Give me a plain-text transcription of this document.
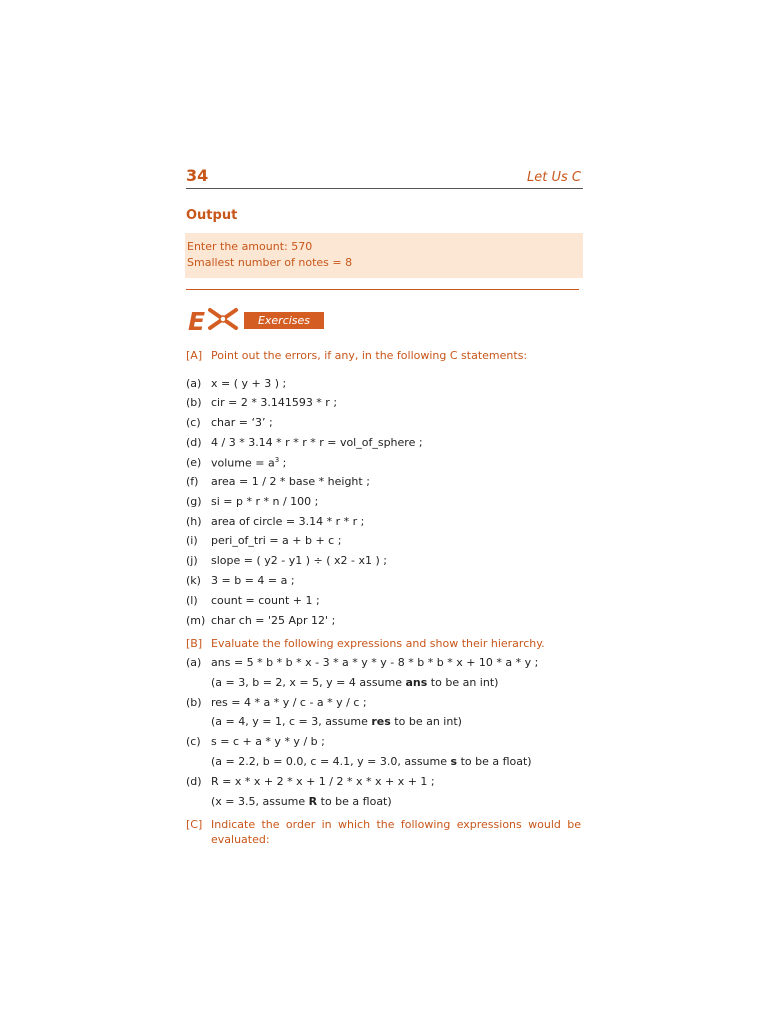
34	Let Us C
Output
Enter the amount: 570
Smallest number of notes = 8
E	Exercises
[A] Point out the errors, if any, in the following C statements:
(a) x = ( y + 3 ) ;
(b) cir = 2 * 3.141593 * r ;
(c) char = ‘3’ ;
(d) 4 / 3 * 3.14 * r * r * r = vol_of_sphere ;
(e) volume = $a^3$ ;
(f) area = 1 / 2 * base * height ;
(g) si = p * r * n / 100 ;
(h) area of circle = 3.14 * r * r ;
(i) peri_of_tri = a + b + c ;
(j) slope = ( y2 - y1 ) ÷ ( x2 - x1 ) ;
(k) 3 = b = 4 = a ;
(l) count = count + 1 ;
(m) char ch = '25 Apr 12' ;
[B] Evaluate the following expressions and show their hierarchy.
(a) ans = 5 * b * b * x - 3 * a * y * y - 8 * b * b * x + 10 * a * y ;
(a = 3, b = 2, x = 5, y = 4 assume ans to be an int)
(b) res = 4 * a * y / c - a * y / c ;
(a = 4, y = 1, c = 3, assume res to be an int)
(c) s = c + a * y * y / b ;
(a = 2.2, b = 0.0, c = 4.1, y = 3.0, assume s to be a float)
(d) R = x * x + 2 * x + 1 / 2 * x * x + x + 1 ;
(x = 3.5, assume R to be a float)
[C] Indicate the order in which the following expressions would be evaluated:
